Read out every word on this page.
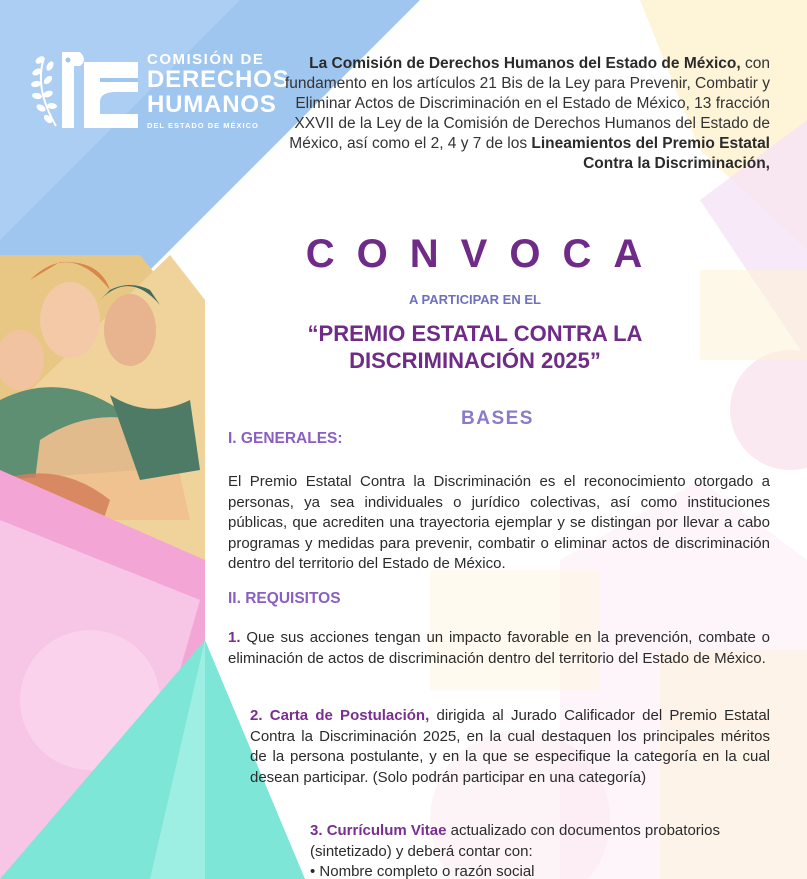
COMISIÓN DE
DERECHOS
HUMANOS
DEL ESTADO DE MÉXICO
La Comisión de Derechos Humanos del Estado de México, con fundamento en los artículos 21 Bis de la Ley para Prevenir, Combatir y Eliminar Actos de Discriminación en el Estado de México, 13 fracción XXVII de la Ley de la Comisión de Derechos Humanos del Estado de México, así como el 2, 4 y 7 de los Lineamientos del Premio Estatal Contra la Discriminación,
CONVOCA
A PARTICIPAR EN EL
“PREMIO ESTATAL CONTRA LA DISCRIMINACIÓN 2025”
BASES
I. GENERALES:
El Premio Estatal Contra la Discriminación es el reconocimiento otorgado a personas, ya sea individuales o jurídico colectivas, así como instituciones públicas, que acrediten una trayectoria ejemplar y se distingan por llevar a cabo programas y medidas para prevenir, combatir o eliminar actos de discriminación dentro del territorio del Estado de México.
II. REQUISITOS
1. Que sus acciones tengan un impacto favorable en la prevención, combate o eliminación de actos de discriminación dentro del territorio del Estado de México.
2. Carta de Postulación, dirigida al Jurado Calificador del Premio Estatal Contra la Discriminación 2025, en la cual destaquen los principales méritos de la persona postulante, y en la que se especifique la categoría en la cual desean participar. (Solo podrán participar en una categoría)
3. Currículum Vitae actualizado con documentos probatorios (sintetizado) y deberá contar con:
• Nombre completo o razón social
